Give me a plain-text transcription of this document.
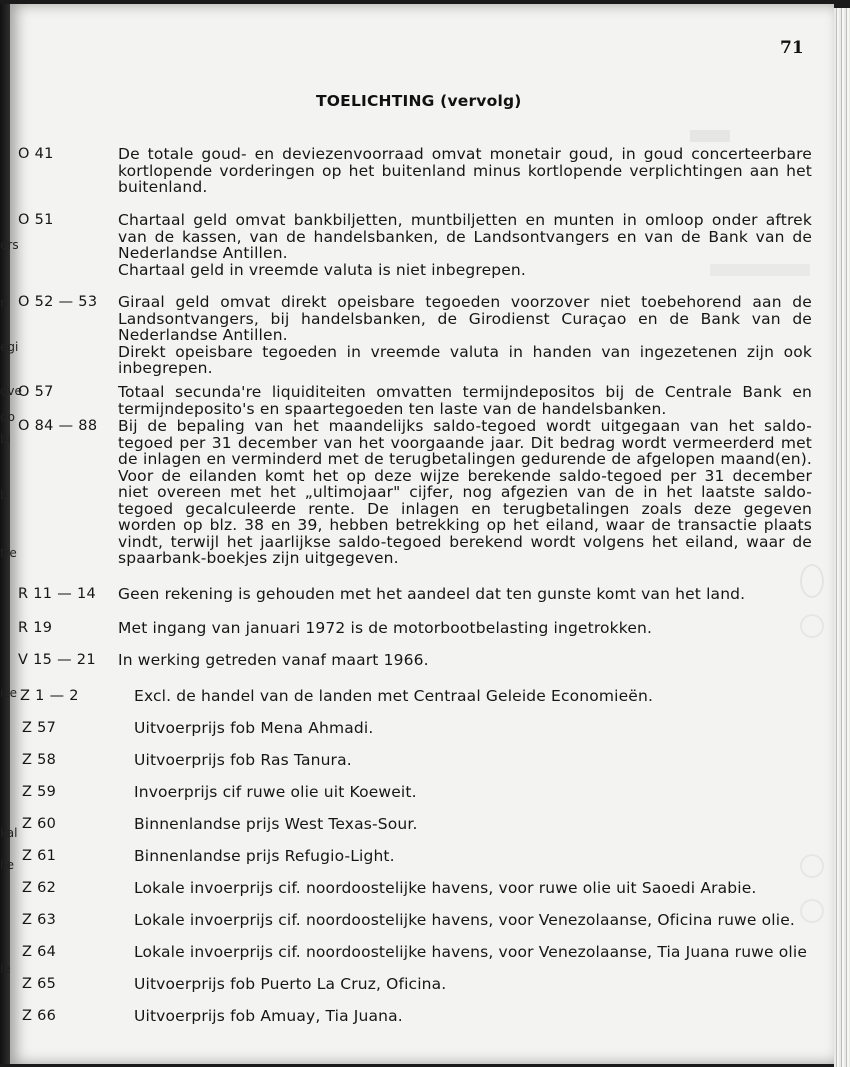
ers
n
egi
ove
do
bi
b
tre
ize
kal
lle
ie
71
TOELICHTING (vervolg)
O 41	De totale goud- en deviezenvoorraad omvat monetair goud, in goud concerteerbare kortlopende vorderingen op het buitenland minus kortlopende verplichtingen aan het buitenland.

O 51	Chartaal geld omvat bankbiljetten, muntbiljetten en munten in omloop onder aftrek van de kassen, van de handelsbanken, de Landsontvangers en van de Bank van de Nederlandse Antillen.

Chartaal geld in vreemde valuta is niet inbegrepen.

O 52 — 53 Giraal geld omvat direkt opeisbare tegoeden voorzover niet toebehorend aan de Landsontvangers, bij handelsbanken, de Girodienst Curaçao en de Bank van de Nederlandse Antillen.

Direkt opeisbare tegoeden in vreemde valuta in handen van ingezetenen zijn ook inbegrepen.

O 57	Totaal secunda're liquiditeiten omvatten termijndepositos bij de Centrale Bank en termijndeposito's en spaartegoeden ten laste van de handelsbanken.

O 84 — 88 Bij de bepaling van het maandelijks saldo-tegoed wordt uitgegaan van het saldo-tegoed per 31 december van het voorgaande jaar. Dit bedrag wordt vermeerderd met de inlagen en verminderd met de terugbetalingen gedurende de afgelopen maand(en). Voor de eilanden komt het op deze wijze berekende saldo-tegoed per 31 december niet overeen met het „ultimojaar" cijfer, nog afgezien van de in het laatste saldo-tegoed gecalculeerde rente. De inlagen en terugbetalingen zoals deze gegeven worden op blz. 38 en 39, hebben betrekking op het eiland, waar de transactie plaats vindt, terwijl het jaarlijkse saldo-tegoed berekend wordt volgens het eiland, waar de spaarbank-boekjes zijn uitgegeven.

R 11 — 14 Geen rekening is gehouden met het aandeel dat ten gunste komt van het land.

R 19	Met ingang van januari 1972 is de motorbootbelasting ingetrokken.

V 15 — 21 In werking getreden vanaf maart 1966.

Z 1 — 2	Excl. de handel van de landen met Centraal Geleide Economieën.

Z 57	Uitvoerprijs fob Mena Ahmadi.

Z 58	Uitvoerprijs fob Ras Tanura.

Z 59	Invoerprijs cif ruwe olie uit Koeweit.

Z 60	Binnenlandse prijs West Texas-Sour.

Z 61	Binnenlandse prijs Refugio-Light.

Z 62	Lokale invoerprijs cif. noordoostelijke havens, voor ruwe olie uit Saoedi Arabie.

Z 63	Lokale invoerprijs cif. noordoostelijke havens, voor Venezolaanse, Oficina ruwe olie.

Z 64	Lokale invoerprijs cif. noordoostelijke havens, voor Venezolaanse, Tia Juana ruwe olie

Z 65	Uitvoerprijs fob Puerto La Cruz, Oficina.

Z 66	Uitvoerprijs fob Amuay, Tia Juana.
